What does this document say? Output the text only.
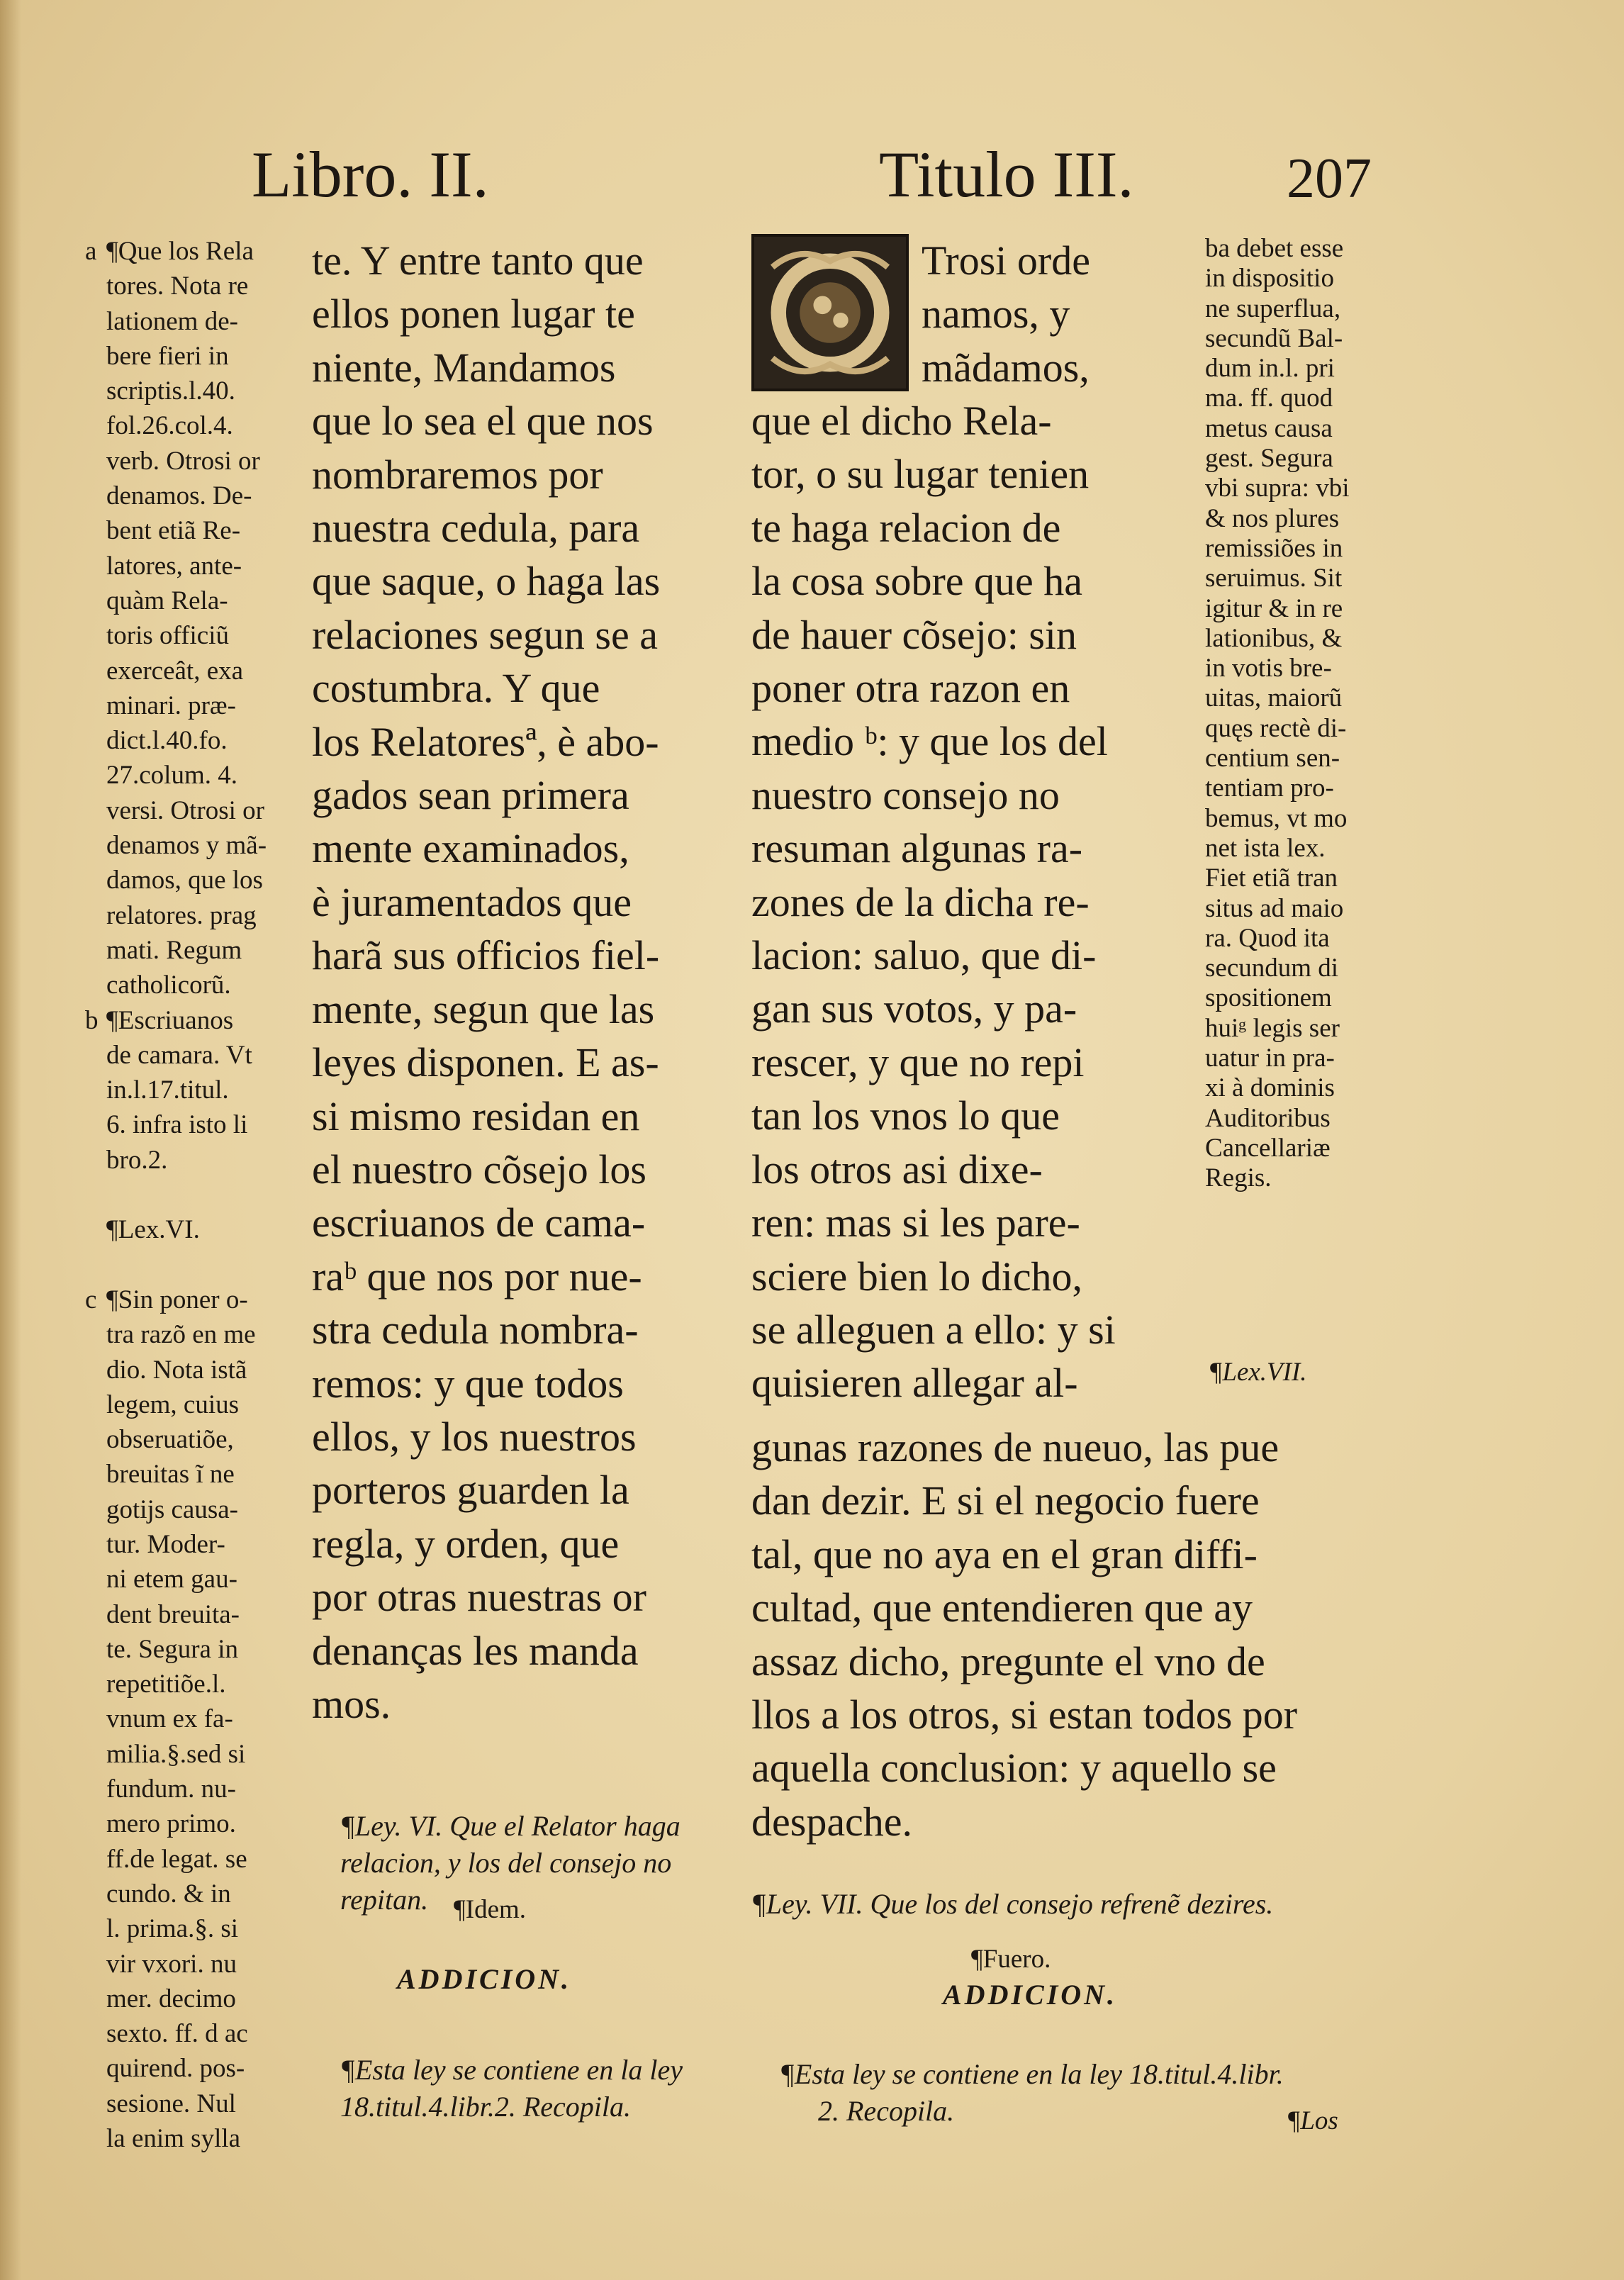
Libro. II.	Titulo III.	207
a ¶Que los Rela
tores. Nota re
lationem de-
bere fieri in
scriptis.l.40.
fol.26.col.4.
verb. Otrosi or
denamos. De-
bent etiã Re-
latores, ante-
quàm Rela-
toris officiũ
exerceât, exa
minari. præ-
dict.l.40.fo.
27.colum. 4.
versi. Otrosi or
denamos y mã-
damos, que los
relatores. prag
mati. Regum
catholicorũ.
b ¶Escriuanos
de camara. Vt
in.l.17.titul.
6. infra isto li
bro.2.

¶Lex.VI.

c ¶Sin poner o-
tra razõ en me
dio. Nota istã
legem, cuius
obseruatiõe,
breuitas ĩ ne
gotijs causa-
tur. Moder-
ni etem gau-
dent breuita-
te. Segura in
repetitiõe.l.
vnum ex fa-
milia.§.sed si
fundum. nu-
mero primo.
ff.de legat. se
cundo. & in
l. prima.§. si
vir vxori. nu
mer. decimo
sexto. ff. d ac
quirend. pos-
sesione. Nul
la enim sylla
te. Y entre tanto que
ellos ponen lugar te
niente, Mandamos
que lo sea el que nos
nombraremos por
nuestra cedula, para
que saque, o haga las
relaciones segun se a
costumbra. Y que
los Relatoresª, è abo-
gados sean primera
mente examinados,
è juramentados que
harã sus officios fiel-
mente, segun que las
leyes disponen. E as-
si mismo residan en
el nuestro cõsejo los
escriuanos de cama-
raᵇ que nos por nue-
stra cedula nombra-
remos: y que todos
ellos, y los nuestros
porteros guarden la
regla, y orden, que
por otras nuestras or
denanças les manda
mos.

¶Ley. VI. Que el Relator haga
relacion, y los del consejo no
repitan.
¶Idem.
ADDICION.

¶Esta ley se contiene en la ley
18.titul.4.libr.2. Recopila.

Trosi orde
namos, y
mãdamos,
que el dicho Rela-
tor, o su lugar tenien
te haga relacion de
la cosa sobre que ha
de hauer cõsejo: sin
poner otra razon en
medio ᵇ: y que los del
nuestro consejo no
resuman algunas ra-
zones de la dicha re-
lacion: saluo, que di-
gan sus votos, y pa-
rescer, y que no repi
tan los vnos lo que
los otros asi dixe-
ren: mas si les pare-
sciere bien lo dicho,
se alleguen a ello: y si
quisieren allegar al-
gunas razones de nueuo, las pue
dan dezir. E si el negocio fuere
tal, que no aya en el gran diffi-
cultad, que entendieren que ay
assaz dicho, pregunte el vno de
llos a los otros, si estan todos por
aquella conclusion: y aquello se
despache.
¶Ley. VII. Que los del consejo refrenẽ dezires.
¶Fuero.
ADDICION.

¶Esta ley se contiene en la ley 18.titul.4.libr.
2. Recopila.
	¶Los
ba debet esse
in dispositio
ne superflua,
secundũ Bal-
dum in.l. pri
ma. ff. quod
metus causa
gest. Segura
vbi supra: vbi
& nos plures
remissiões in
seruimus. Sit
igitur & in re
lationibus, &
in votis bre-
uitas, maiorũ
quęs rectè di-
centium sen-
tentiam pro-
bemus, vt mo
net ista lex.
Fiet etiã tran
situs ad maio
ra. Quod ita
secundum di
spositionem
huiᵍ legis ser
uatur in pra-
xi à dominis
Auditoribus
Cancellariæ
Regis.
¶Lex.VII.
